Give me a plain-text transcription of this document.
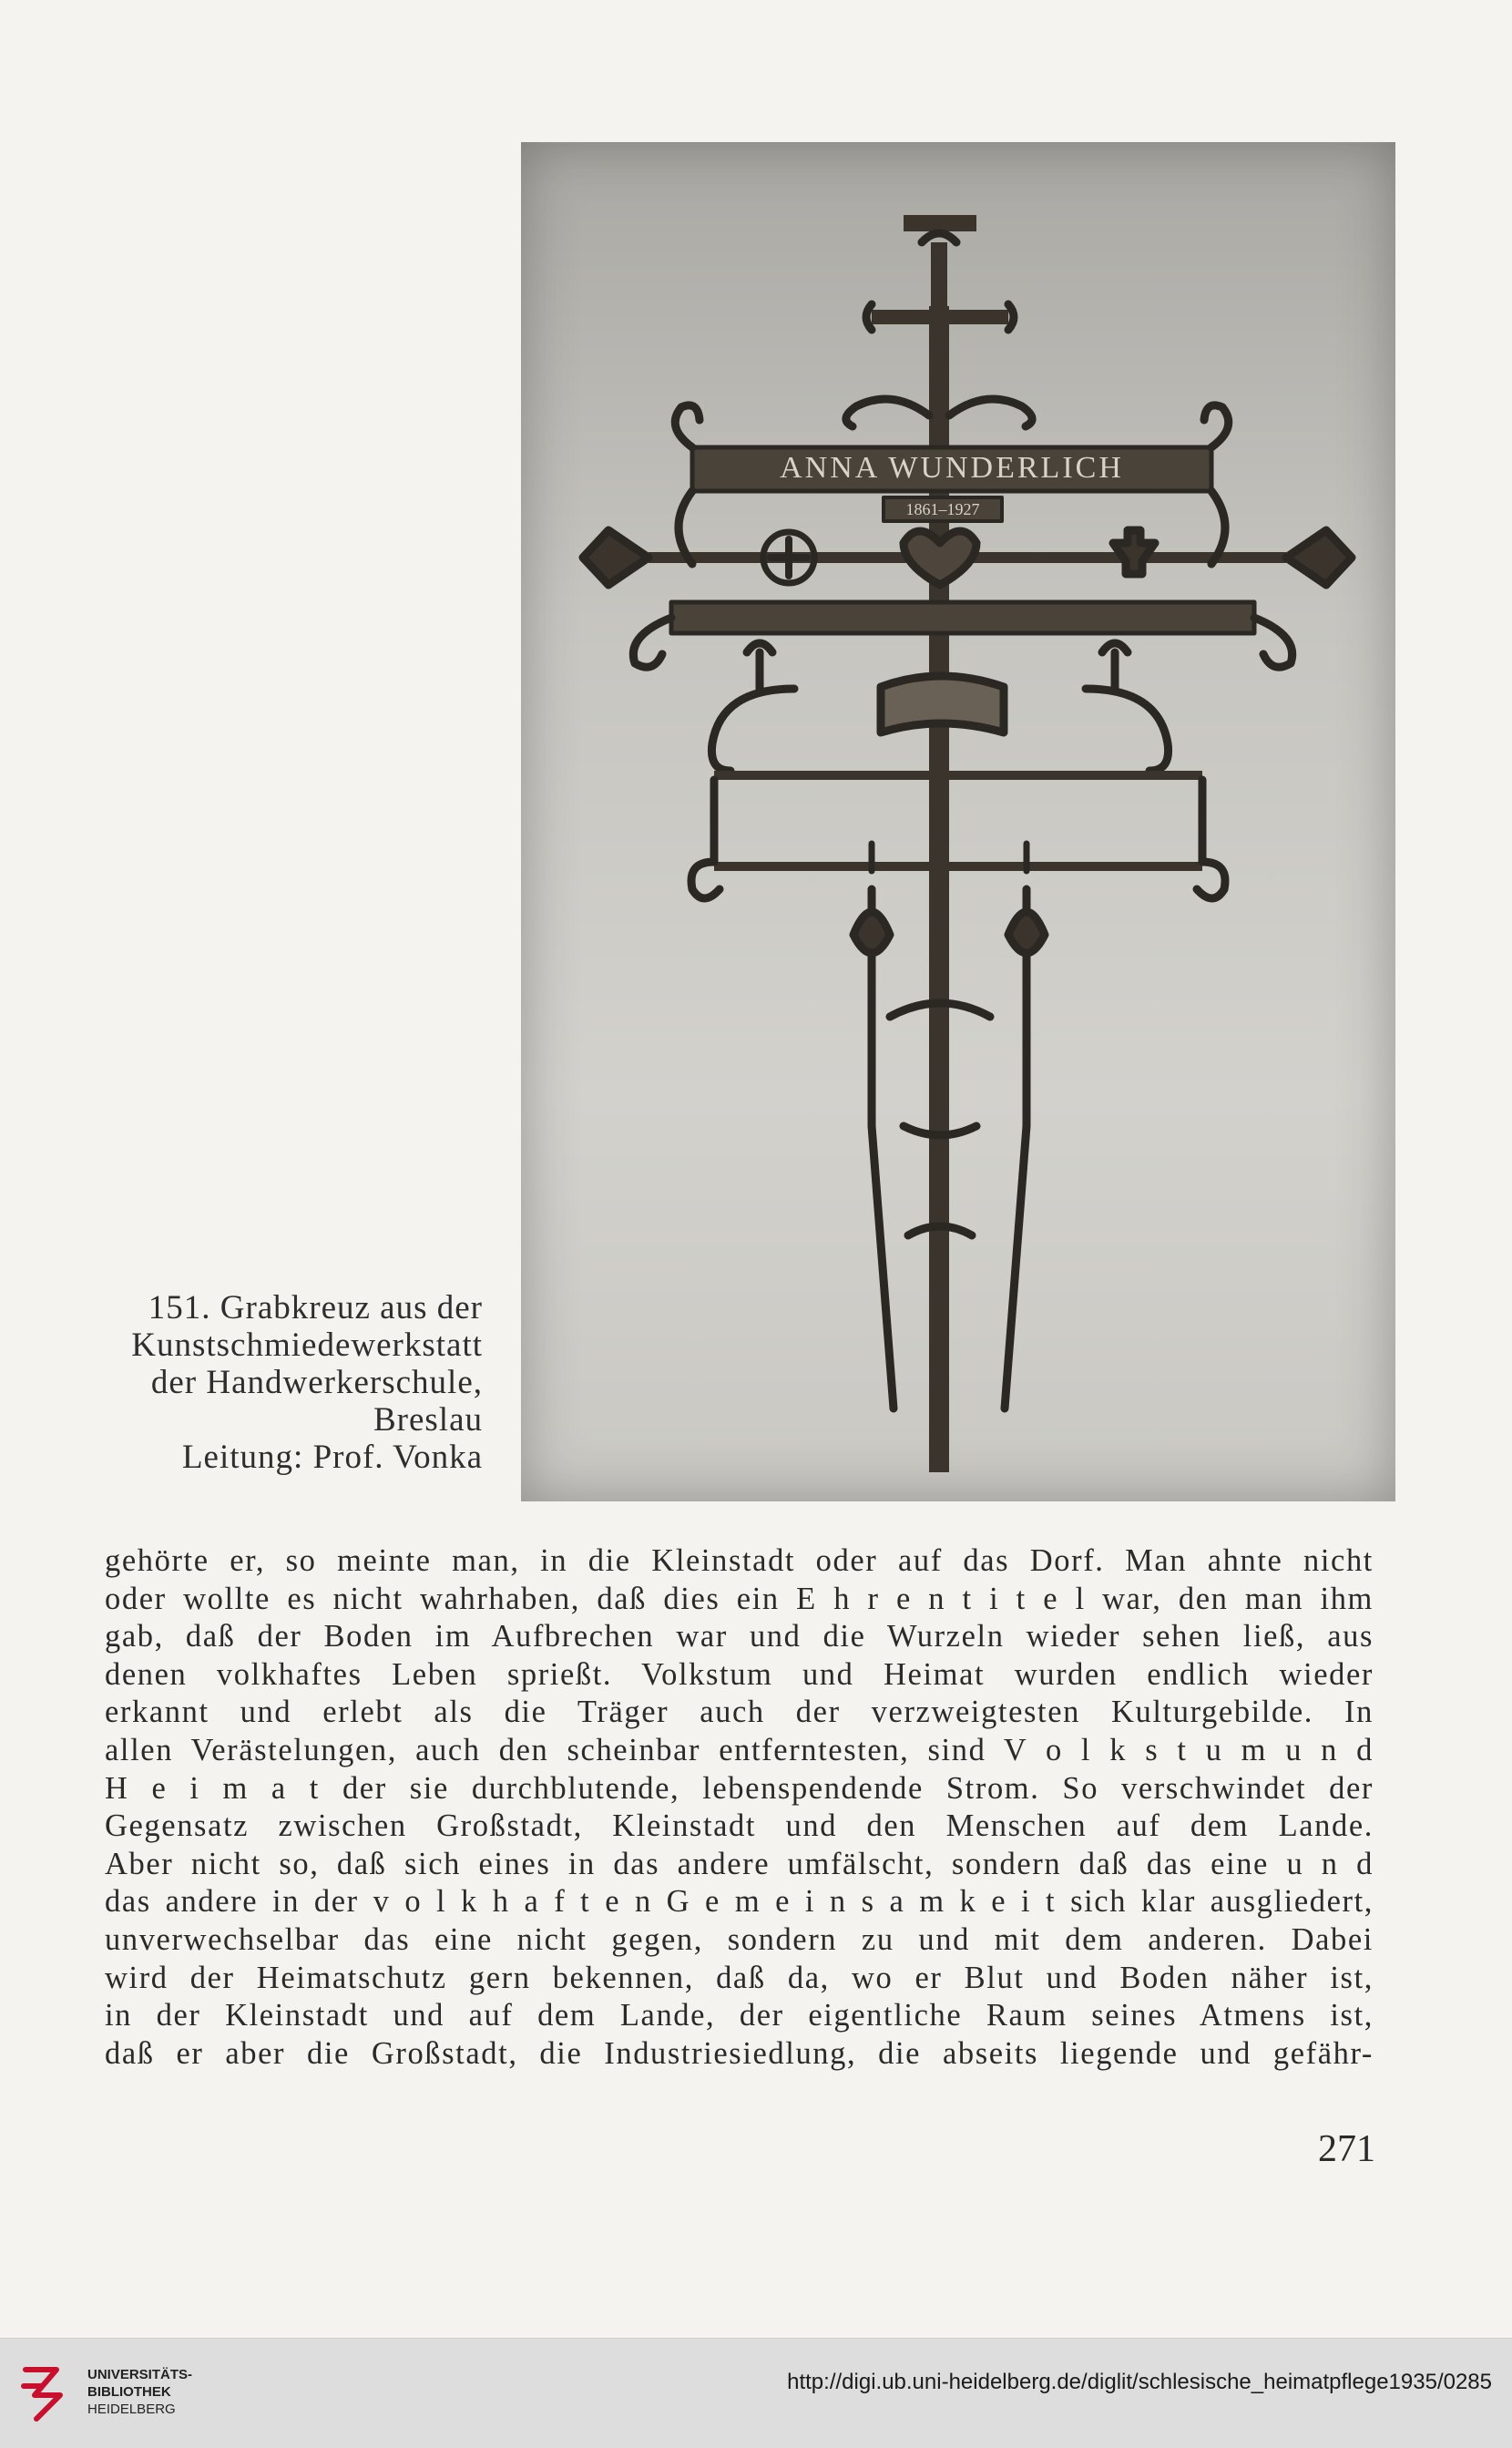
ANNA WUNDERLICH
1861–1927
151. Grabkreuz aus der
Kunstschmiedewerkstatt
der Handwerkerschule,
Breslau
Leitung: Prof. Vonka
gehörte er, so meinte man, in die Kleinstadt oder auf das Dorf. Man ahnte nicht
oder wollte es nicht wahrhaben, daß dies ein E h r e n t i t e l war, den man ihm
gab, daß der Boden im Aufbrechen war und die Wurzeln wieder sehen ließ, aus
denen volkhaftes Leben sprießt. Volkstum und Heimat wurden endlich wieder
erkannt und erlebt als die Träger auch der verzweigtesten Kulturgebilde. In
allen Verästelungen, auch den scheinbar entferntesten, sind V o l k s t u m u n d
H e i m a t der sie durchblutende, lebenspendende Strom. So verschwindet der
Gegensatz zwischen Großstadt, Kleinstadt und den Menschen auf dem Lande.
Aber nicht so, daß sich eines in das andere umfälscht, sondern daß das eine u n d
das andere in der v o l k h a f t e n G e m e i n s a m k e i t sich klar ausgliedert,
unverwechselbar das eine nicht gegen, sondern zu und mit dem anderen. Dabei
wird der Heimatschutz gern bekennen, daß da, wo er Blut und Boden näher ist,
in der Kleinstadt und auf dem Lande, der eigentliche Raum seines Atmens ist,
daß er aber die Großstadt, die Industriesiedlung, die abseits liegende und gefähr-
271
UNIVERSITÄTS-
BIBLIOTHEK
HEIDELBERG
http://digi.ub.uni-heidelberg.de/diglit/schlesische_heimatpflege1935/0285
